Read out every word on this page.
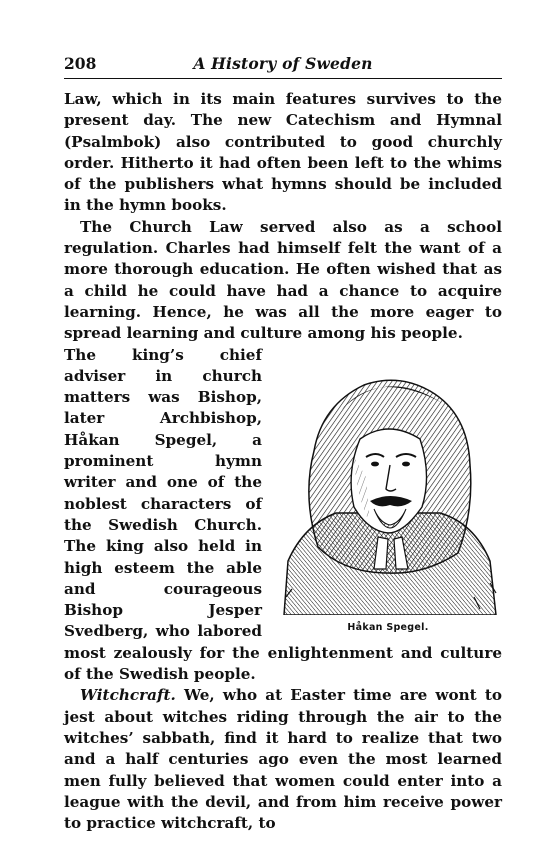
208	A History of Sweden

Law, which in its main features survives to the present day. The new Catechism and Hymnal (Psalmbok) also contributed to good churchly order. Hitherto it had often been left to the whims of the publishers what hymns should be included in the hymn books.

The Church Law served also as a school regulation. Charles had himself felt the want of a more thorough education. He often wished that as a child he could have had a chance to acquire learning. Hence, he was all the more eager to spread learning and culture among his people.

Håkan Spegel.

The king’s chief adviser in church matters was Bishop, later Archbishop, Håkan Spegel, a prominent hymn writer and one of the noblest characters of the Swedish Church. The king also held in high esteem the able and courageous Bishop Jesper Svedberg, who labored most zealously for the enlightenment and culture of the Swedish people.

Witchcraft. We, who at Easter time are wont to jest about witches riding through the air to the witches’ sabbath, find it hard to realize that two and a half centuries ago even the most learned men fully believed that women could enter into a league with the devil, and from him receive power to practice witchcraft, to
